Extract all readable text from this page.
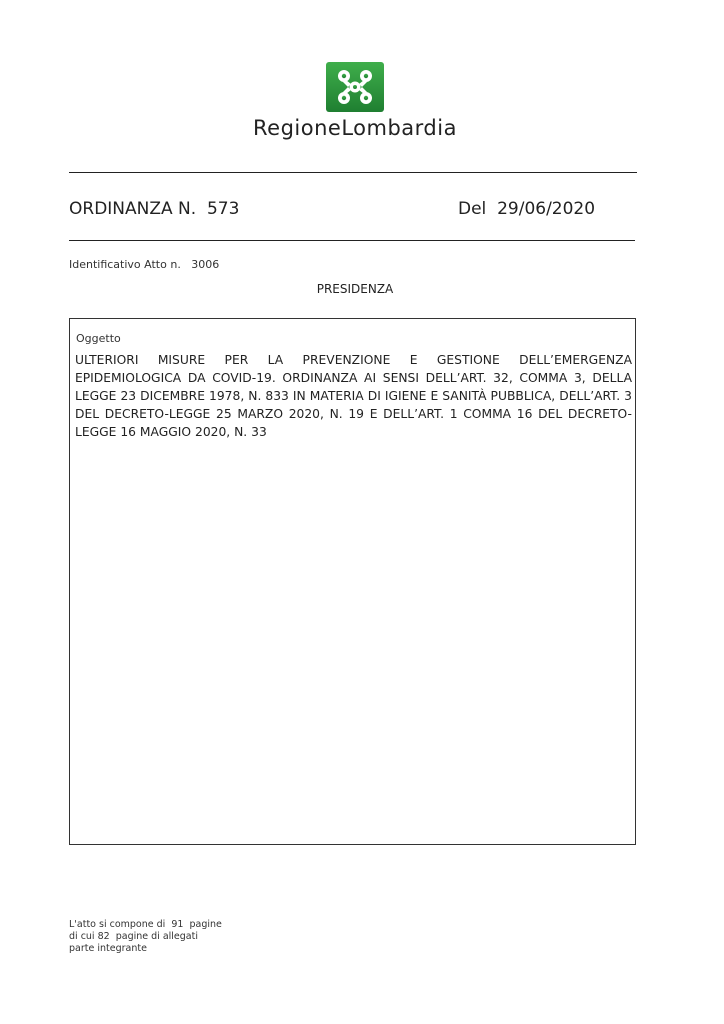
RegioneLombardia
ORDINANZA N.  573	Del  29/06/2020
Identificativo Atto n.   3006
PRESIDENZA
Oggetto
ULTERIORI MISURE PER LA PREVENZIONE E GESTIONE DELL’EMERGENZA EPIDEMIOLOGICA DA COVID-19. ORDINANZA AI SENSI DELL’ART. 32, COMMA 3, DELLA LEGGE 23 DICEMBRE 1978, N. 833 IN MATERIA DI IGIENE E SANITÀ PUBBLICA, DELL’ART. 3 DEL DECRETO-LEGGE 25 MARZO 2020, N. 19 E DELL’ART. 1 COMMA 16 DEL DECRETO-LEGGE 16 MAGGIO 2020, N. 33
L'atto si compone di  91  pagine
di cui 82  pagine di allegati
parte integrante
